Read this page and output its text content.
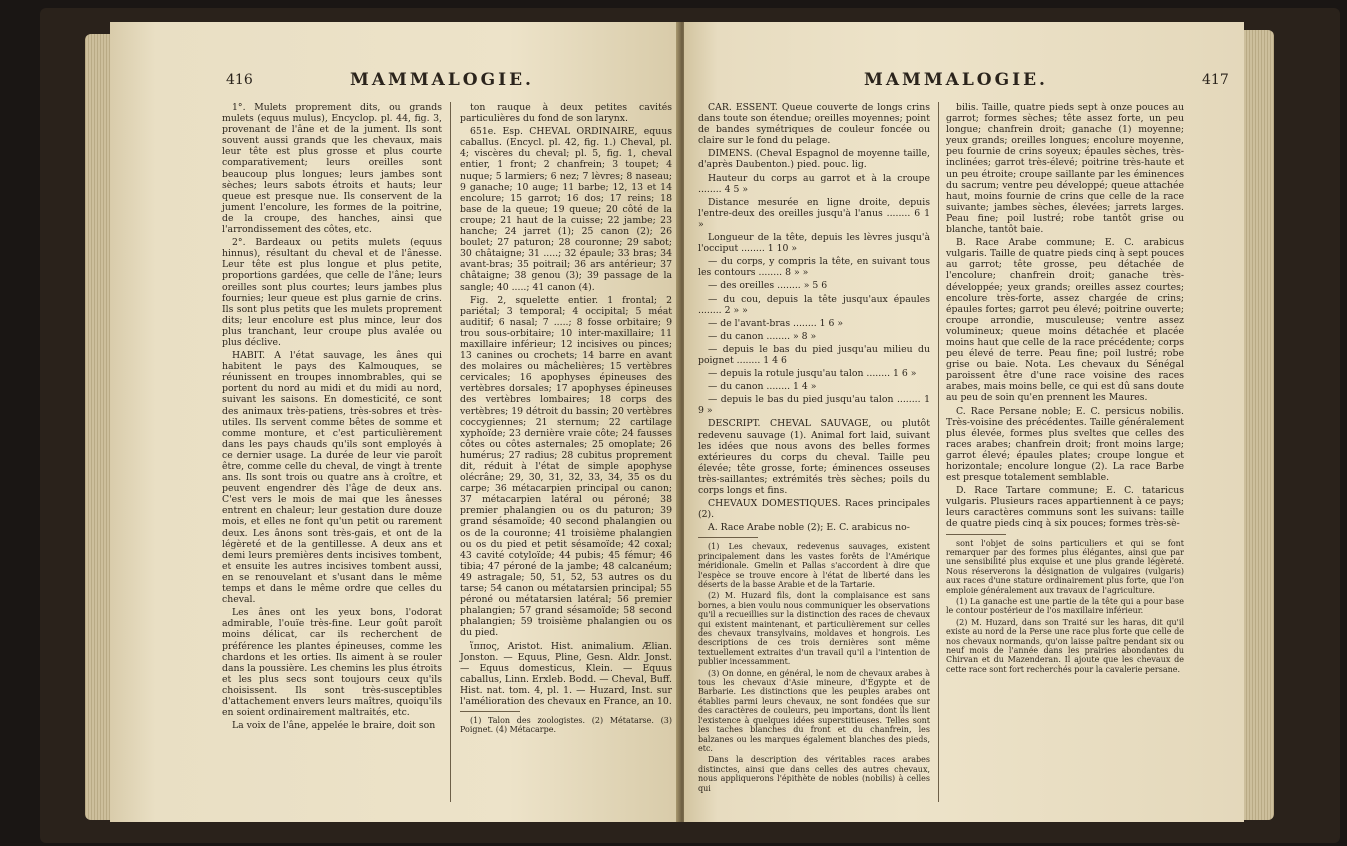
416	MAMMALOGIE.

1°. Mulets proprement dits, ou grands mulets (equus mulus), Encyclop. pl. 44, fig. 3, provenant de l'âne et de la jument. Ils sont souvent aussi grands que les chevaux, mais leur tête est plus grosse et plus courte comparativement; leurs oreilles sont beaucoup plus longues; leurs jambes sont sèches; leurs sabots étroits et hauts; leur queue est presque nue. Ils conservent de la jument l'encolure, les formes de la poitrine, de la croupe, des hanches, ainsi que l'arrondissement des côtes, etc.

2°. Bardeaux ou petits mulets (equus hinnus), résultant du cheval et de l'ânesse. Leur tête est plus longue et plus petite, proportions gardées, que celle de l'âne; leurs oreilles sont plus courtes; leurs jambes plus fournies; leur queue est plus garnie de crins. Ils sont plus petits que les mulets proprement dits; leur encolure est plus mince, leur dos plus tranchant, leur croupe plus avalée ou plus déclive.

HABIT. A l'état sauvage, les ânes qui habitent le pays des Kalmouques, se réunissent en troupes innombrables, qui se portent du nord au midi et du midi au nord, suivant les saisons. En domesticité, ce sont des animaux très-patiens, très-sobres et très-utiles. Ils servent comme bêtes de somme et comme monture, et c'est particulièrement dans les pays chauds qu'ils sont employés à ce dernier usage. La durée de leur vie paroît être, comme celle du cheval, de vingt à trente ans. Ils sont trois ou quatre ans à croître, et peuvent engendrer dès l'âge de deux ans. C'est vers le mois de mai que les ânesses entrent en chaleur; leur gestation dure douze mois, et elles ne font qu'un petit ou rarement deux. Les ânons sont très-gais, et ont de la légèreté et de la gentillesse. A deux ans et demi leurs premières dents incisives tombent, et ensuite les autres incisives tombent aussi, en se renouvelant et s'usant dans le même temps et dans le même ordre que celles du cheval.

Les ânes ont les yeux bons, l'odorat admirable, l'ouïe très-fine. Leur goût paroît moins délicat, car ils recherchent de préférence les plantes épineuses, comme les chardons et les orties. Ils aiment à se rouler dans la poussière. Les chemins les plus étroits et les plus secs sont toujours ceux qu'ils choisissent. Ils sont très-susceptibles d'attachement envers leurs maîtres, quoiqu'ils en soient ordinairement maltraités, etc.

La voix de l'âne, appelée le braire, doit son

ton rauque à deux petites cavités particulières du fond de son larynx.

651e. Esp. CHEVAL ORDINAIRE, equus caballus. (Encycl. pl. 42, fig. 1.) Cheval, pl. 4; viscères du cheval; pl. 5, fig. 1, cheval entier, 1 front; 2 chanfrein; 3 toupet; 4 nuque; 5 larmiers; 6 nez; 7 lèvres; 8 naseau; 9 ganache; 10 auge; 11 barbe; 12, 13 et 14 encolure; 15 garrot; 16 dos; 17 reins; 18 base de la queue; 19 queue; 20 côté de la croupe; 21 haut de la cuisse; 22 jambe; 23 hanche; 24 jarret (1); 25 canon (2); 26 boulet; 27 paturon; 28 couronne; 29 sabot; 30 châtaigne; 31 .....; 32 épaule; 33 bras; 34 avant-bras; 35 poitrail; 36 ars antérieur; 37 châtaigne; 38 genou (3); 39 passage de la sangle; 40 .....; 41 canon (4).

Fig. 2, squelette entier. 1 frontal; 2 pariétal; 3 temporal; 4 occipital; 5 méat auditif; 6 nasal; 7 .....; 8 fosse orbitaire; 9 trou sous-orbitaire; 10 inter-maxillaire; 11 maxillaire inférieur; 12 incisives ou pinces; 13 canines ou crochets; 14 barre en avant des molaires ou mâchelières; 15 vertèbres cervicales; 16 apophyses épineuses des vertèbres dorsales; 17 apophyses épineuses des vertèbres lombaires; 18 corps des vertèbres; 19 détroit du bassin; 20 vertèbres coccygiennes; 21 sternum; 22 cartilage xyphoïde; 23 dernière vraie côte; 24 fausses côtes ou côtes asternales; 25 omoplate; 26 humérus; 27 radius; 28 cubitus proprement dit, réduit à l'état de simple apophyse olécrâne; 29, 30, 31, 32, 33, 34, 35 os du carpe; 36 métacarpien principal ou canon; 37 métacarpien latéral ou péroné; 38 premier phalangien ou os du paturon; 39 grand sésamoïde; 40 second phalangien ou os de la couronne; 41 troisième phalangien ou os du pied et petit sésamoïde; 42 coxal; 43 cavité cotyloïde; 44 pubis; 45 fémur; 46 tibia; 47 péroné de la jambe; 48 calcanéum; 49 astragale; 50, 51, 52, 53 autres os du tarse; 54 canon ou métatarsien principal; 55 péroné ou métatarsien latéral; 56 premier phalangien; 57 grand sésamoïde; 58 second phalangien; 59 troisième phalangien ou os du pied.

ἵππος, Aristot. Hist. animalium. Ælian. Jonston. — Equus, Pline, Gesn. Aldr. Jonst. — Equus domesticus, Klein. — Equus caballus, Linn. Erxleb. Bodd. — Cheval, Buff. Hist. nat. tom. 4, pl. 1. — Huzard, Inst. sur l'amélioration des chevaux en France, an 10.

(1) Talon des zoologistes. (2) Métatarse. (3) Poignet. (4) Métacarpe.

MAMMALOGIE.	417

CAR. ESSENT. Queue couverte de longs crins dans toute son étendue; oreilles moyennes; point de bandes symétriques de couleur foncée ou claire sur le fond du pelage.

DIMENS. (Cheval Espagnol de moyenne taille, d'après Daubenton.) pied. pouc. lig.

Hauteur du corps au garrot et à la croupe ........ 4 5 »

Distance mesurée en ligne droite, depuis l'entre-deux des oreilles jusqu'à l'anus ........ 6 1 »

Longueur de la tête, depuis les lèvres jusqu'à l'occiput ........ 1 10 »

— du corps, y compris la tête, en suivant tous les contours ........ 8 » »

— des oreilles ........ » 5 6

— du cou, depuis la tête jusqu'aux épaules ........ 2 » »

— de l'avant-bras ........ 1 6 »

— du canon ........ » 8 »

— depuis le bas du pied jusqu'au milieu du poignet ........ 1 4 6

— depuis la rotule jusqu'au talon ........ 1 6 »

— du canon ........ 1 4 »

— depuis le bas du pied jusqu'au talon ........ 1 9 »

DESCRIPT. CHEVAL SAUVAGE, ou plutôt redevenu sauvage (1). Animal fort laid, suivant les idées que nous avons des belles formes extérieures du corps du cheval. Taille peu élevée; tête grosse, forte; éminences osseuses très-saillantes; extrémités très sèches; poils du corps longs et fins.

CHEVAUX DOMESTIQUES. Races principales (2).

A. Race Arabe noble (2); E. C. arabicus no-

(1) Les chevaux, redevenus sauvages, existent principalement dans les vastes forêts de l'Amérique méridionale. Gmelin et Pallas s'accordent à dire que l'espèce se trouve encore à l'état de liberté dans les déserts de la basse Arabie et de la Tartarie.

(2) M. Huzard fils, dont la complaisance est sans bornes, a bien voulu nous communiquer les observations qu'il a recueillies sur la distinction des races de chevaux qui existent maintenant, et particulièrement sur celles des chevaux transylvains, moldaves et hongrois. Les descriptions de ces trois dernières sont même textuellement extraites d'un travail qu'il a l'intention de publier incessamment.

(3) On donne, en général, le nom de chevaux arabes à tous les chevaux d'Asie mineure, d'Égypte et de Barbarie. Les distinctions que les peuples arabes ont établies parmi leurs chevaux, ne sont fondées que sur des caractères de couleurs, peu importans, dont ils lient l'existence à quelques idées superstitieuses. Telles sont les taches blanches du front et du chanfrein, les balzanes ou les marques également blanches des pieds, etc.

Dans la description des véritables races arabes distinctes, ainsi que dans celles des autres chevaux, nous appliquerons l'épithète de nobles (nobilis) à celles qui

bilis. Taille, quatre pieds sept à onze pouces au garrot; formes sèches; tête assez forte, un peu longue; chanfrein droit; ganache (1) moyenne; yeux grands; oreilles longues; encolure moyenne, peu fournie de crins soyeux; épaules sèches, très-inclinées; garrot très-élevé; poitrine très-haute et un peu étroite; croupe saillante par les éminences du sacrum; ventre peu développé; queue attachée haut, moins fournie de crins que celle de la race suivante; jambes sèches, élevées; jarrets larges. Peau fine; poil lustré; robe tantôt grise ou blanche, tantôt baie.

B. Race Arabe commune; E. C. arabicus vulgaris. Taille de quatre pieds cinq à sept pouces au garrot; tête grosse, peu détachée de l'encolure; chanfrein droit; ganache très-développée; yeux grands; oreilles assez courtes; encolure très-forte, assez chargée de crins; épaules fortes; garrot peu élevé; poitrine ouverte; croupe arrondie, musculeuse; ventre assez volumineux; queue moins détachée et placée moins haut que celle de la race précédente; corps peu élevé de terre. Peau fine; poil lustré; robe grise ou baie. Nota. Les chevaux du Sénégal paroissent être d'une race voisine des races arabes, mais moins belle, ce qui est dû sans doute au peu de soin qu'en prennent les Maures.

C. Race Persane noble; E. C. persicus nobilis. Très-voisine des précédentes. Taille généralement plus élevée, formes plus sveltes que celles des races arabes; chanfrein droit; front moins large; garrot élevé; épaules plates; croupe longue et horizontale; encolure longue (2). La race Barbe est presque totalement semblable.

D. Race Tartare commune; E. C. tataricus vulgaris. Plusieurs races appartiennent à ce pays; leurs caractères communs sont les suivans: taille de quatre pieds cinq à six pouces; formes très-sè-

sont l'objet de soins particuliers et qui se font remarquer par des formes plus élégantes, ainsi que par une sensibilité plus exquise et une plus grande légèreté. Nous réserverons la désignation de vulgaires (vulgaris) aux races d'une stature ordinairement plus forte, que l'on emploie généralement aux travaux de l'agriculture.

(1) La ganache est une partie de la tête qui a pour base le contour postérieur de l'os maxillaire inférieur.

(2) M. Huzard, dans son Traité sur les haras, dit qu'il existe au nord de la Perse une race plus forte que celle de nos chevaux normands, qu'on laisse paître pendant six ou neuf mois de l'année dans les prairies abondantes du Chirvan et du Mazenderan. Il ajoute que les chevaux de cette race sont fort recherchés pour la cavalerie persane.
